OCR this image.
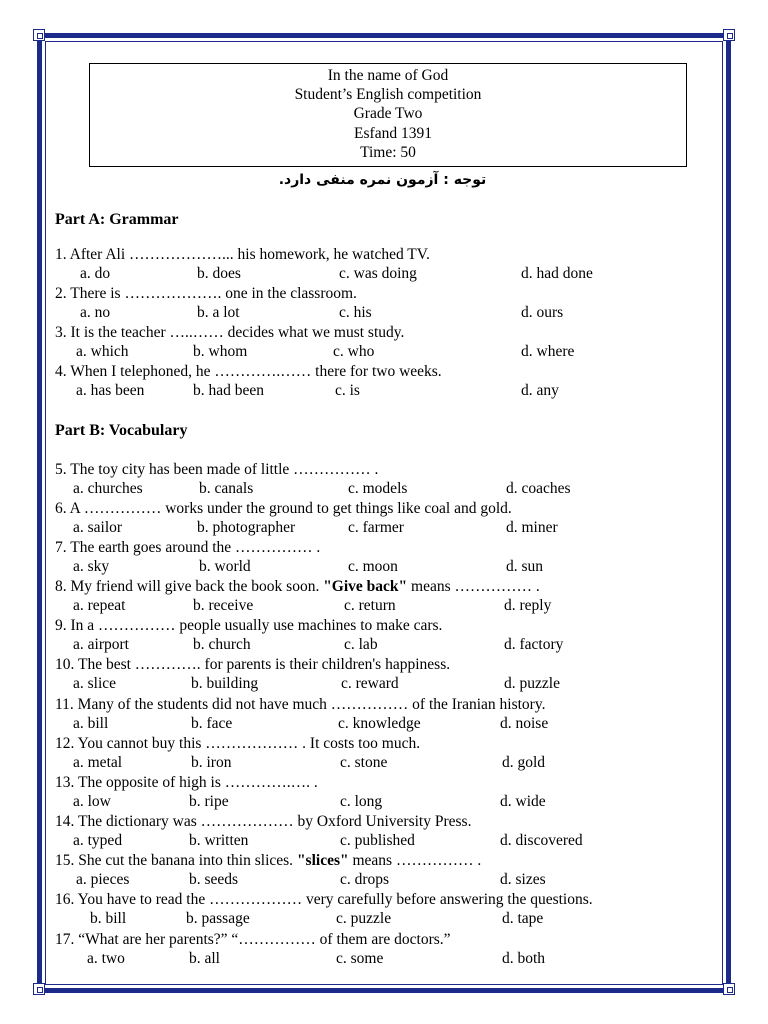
In the name of God
Student’s English competition
Grade Two
Esfand 1391
Time: 50
توجه : آزمون نمره منفی دارد.
Part A: Grammar
Part B: Vocabulary
1. After Ali ………………... his homework, he watched TV.
a. do	b. does	c. was doing	d. had done
2. There is ………………. one in the classroom.
a. no	b. a lot	c. his	d. ours
3. It is the teacher …..…… decides what we must study.
a. which	b. whom	c. who	d. where
4. When I telephoned, he ………….…… there for two weeks.
a. has been	b. had been	c. is	d. any
5. The toy city has been made of little …………… .
a. churches	b. canals	c. models	d. coaches
6. A …………… works under the ground to get things like coal and gold.
a. sailor	b. photographer	c. farmer	d. miner
7. The earth goes around the …………… .
a. sky	b. world	c. moon	d. sun
8. My friend will give back the book soon. "Give back" means …………… .
a. repeat	b. receive	c. return	d. reply
9. In a …………… people usually use machines to make cars.
a. airport	b. church	c. lab	d. factory
10. The best …………. for parents is their children's happiness.
a. slice	b. building	c. reward	d. puzzle
11. Many of the students did not have much …………… of the Iranian history.
a. bill	b. face	c. knowledge	d. noise
12. You cannot buy this ……………… . It costs too much.
a. metal	b. iron	c. stone	d. gold
13. The opposite of high is ………….…. .
a. low	b. ripe	c. long	d. wide
14. The dictionary was ……………… by Oxford University Press.
a. typed	b. written	c. published	d. discovered
15. She cut the banana into thin slices. "slices" means …………… .
a. pieces	b. seeds	c. drops	d. sizes
16. You have to read the ……………… very carefully before answering the questions.
b. bill	b. passage	c. puzzle	d. tape
17. “What are her parents?” “…………… of them are doctors.”
a. two	b. all	c. some	d. both
